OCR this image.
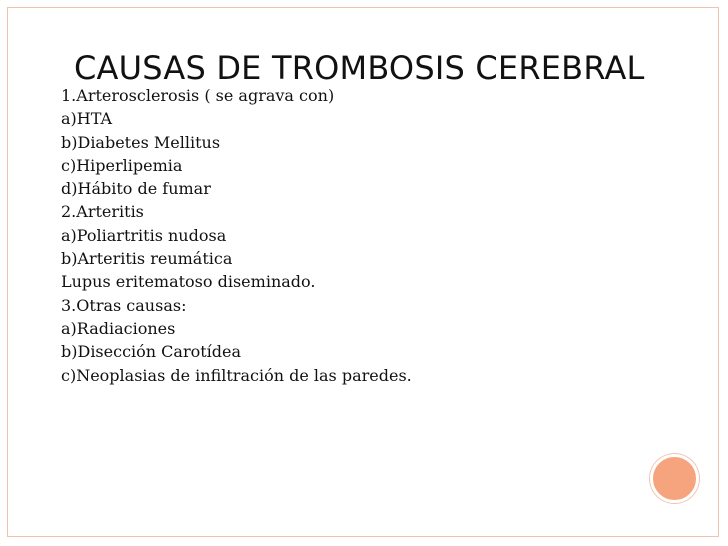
CAUSAS DE TROMBOSIS CEREBRAL
1.Arterosclerosis ( se agrava con)
a)HTA
b)Diabetes Mellitus
c)Hiperlipemia
d)Hábito de fumar
2.Arteritis
a)Poliartritis nudosa
b)Arteritis reumática
Lupus eritematoso diseminado.
3.Otras causas:
a)Radiaciones
b)Disección Carotídea
c)Neoplasias de infiltración de las paredes.
